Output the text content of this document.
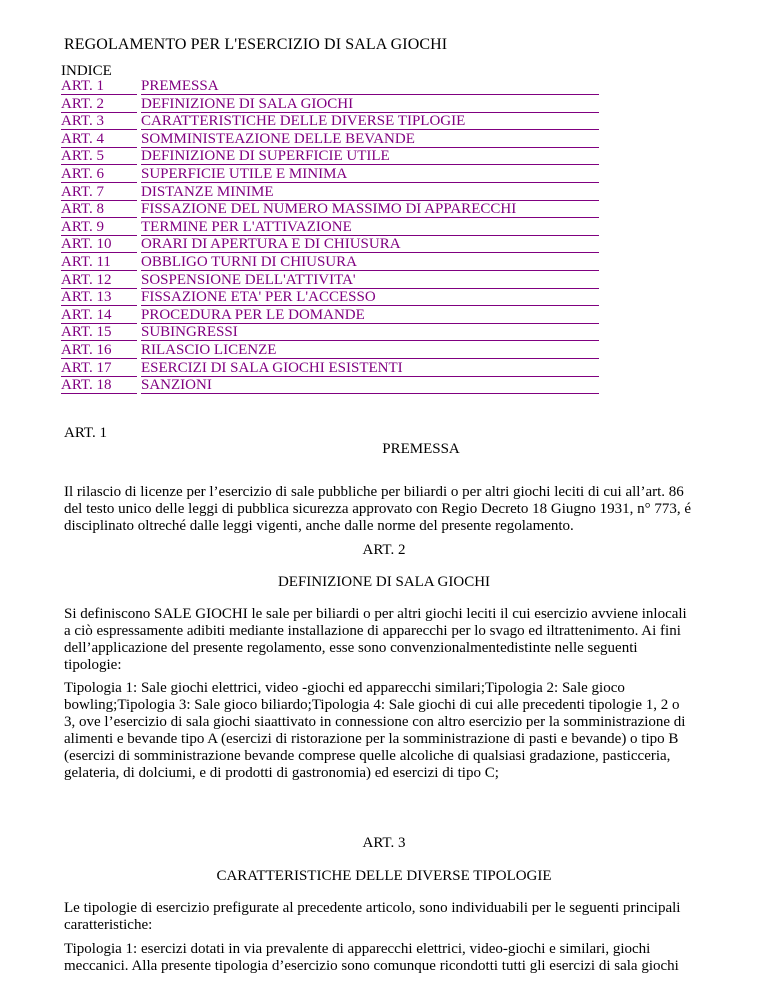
REGOLAMENTO PER L'ESERCIZIO DI SALA GIOCHI
INDICE
ART. 1	PREMESSA
ART. 2	DEFINIZIONE DI SALA GIOCHI
ART. 3	CARATTERISTICHE DELLE DIVERSE TIPLOGIE
ART. 4	SOMMINISTEAZIONE DELLE BEVANDE
ART. 5	DEFINIZIONE DI SUPERFICIE UTILE
ART. 6	SUPERFICIE UTILE E MINIMA
ART. 7	DISTANZE MINIME
ART. 8	FISSAZIONE DEL NUMERO MASSIMO DI APPARECCHI
ART. 9	TERMINE PER L'ATTIVAZIONE
ART. 10	ORARI DI APERTURA E DI CHIUSURA
ART. 11	OBBLIGO TURNI DI CHIUSURA
ART. 12	SOSPENSIONE DELL'ATTIVITA'
ART. 13	FISSAZIONE ETA' PER L'ACCESSO
ART. 14	PROCEDURA PER LE DOMANDE
ART. 15	SUBINGRESSI
ART. 16	RILASCIO LICENZE
ART. 17	ESERCIZI DI SALA GIOCHI ESISTENTI
ART. 18	SANZIONI
ART. 1
PREMESSA
Il rilascio di licenze per l’esercizio di sale pubbliche per biliardi o per altri giochi leciti di cui all’art. 86
del testo unico delle leggi di pubblica sicurezza approvato con Regio Decreto 18 Giugno 1931, n° 773, é
disciplinato oltreché dalle leggi vigenti, anche dalle norme del presente regolamento.
ART. 2
DEFINIZIONE DI SALA GIOCHI
Si definiscono SALE GIOCHI le sale per biliardi o per altri giochi leciti il cui esercizio avviene inlocali
a ciò espressamente adibiti mediante installazione di apparecchi per lo svago ed iltrattenimento. Ai fini
dell’applicazione del presente regolamento, esse sono convenzionalmentedistinte nelle seguenti
tipologie:
Tipologia 1: Sale giochi elettrici, video -giochi ed apparecchi similari;Tipologia 2: Sale gioco
bowling;Tipologia 3: Sale gioco biliardo;Tipologia 4: Sale giochi di cui alle precedenti tipologie 1, 2 o
3, ove l’esercizio di sala giochi siaattivato in connessione con altro esercizio per la somministrazione di
alimenti e bevande tipo A (esercizi di ristorazione per la somministrazione di pasti e bevande) o tipo B
(esercizi di somministrazione bevande comprese quelle alcoliche di qualsiasi gradazione, pasticceria,
gelateria, di dolciumi, e di prodotti di gastronomia) ed esercizi di tipo C;
ART. 3
CARATTERISTICHE DELLE DIVERSE TIPOLOGIE
Le tipologie di esercizio prefigurate al precedente articolo, sono individuabili per le seguenti principali
caratteristiche:
Tipologia 1: esercizi dotati in via prevalente di apparecchi elettrici, video-giochi e similari, giochi
meccanici. Alla presente tipologia d’esercizio sono comunque ricondotti tutti gli esercizi di sala giochi
